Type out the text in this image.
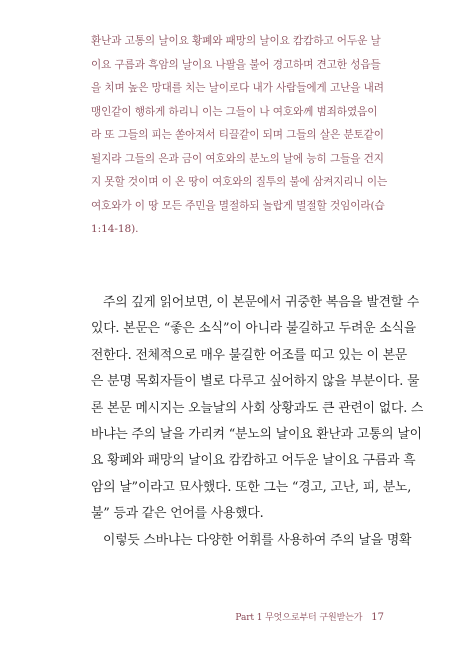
환난과 고통의 날이요 황폐와 패망의 날이요 캄캄하고 어두운 날
이요 구름과 흑암의 날이요 나팔을 불어 경고하며 견고한 성읍들
을 치며 높은 망대를 치는 날이로다 내가 사람들에게 고난을 내려
맹인같이 행하게 하리니 이는 그들이 나 여호와께 범죄하였음이
라 또 그들의 피는 쏟아져서 티끌같이 되며 그들의 살은 분토같이
될지라 그들의 은과 금이 여호와의 분노의 날에 능히 그들을 건지
지 못할 것이며 이 온 땅이 여호와의 질투의 불에 삼켜지리니 이는
여호와가 이 땅 모든 주민을 멸절하되 놀랍게 멸절할 것임이라(습
1:14-18).
주의 깊게 읽어보면, 이 본문에서 귀중한 복음을 발견할 수
있다. 본문은 “좋은 소식”이 아니라 불길하고 두려운 소식을
전한다. 전체적으로 매우 불길한 어조를 띠고 있는 이 본문
은 분명 목회자들이 별로 다루고 싶어하지 않을 부분이다. 물
론 본문 메시지는 오늘날의 사회 상황과도 큰 관련이 없다. 스
바냐는 주의 날을 가리켜 “분노의 날이요 환난과 고통의 날이
요 황폐와 패망의 날이요 캄캄하고 어두운 날이요 구름과 흑
암의 날”이라고 묘사했다. 또한 그는 “경고, 고난, 피, 분노,
불” 등과 같은 언어를 사용했다.
이렇듯 스바냐는 다양한 어휘를 사용하여 주의 날을 명확
Part 1 무엇으로부터 구원받는가 17
